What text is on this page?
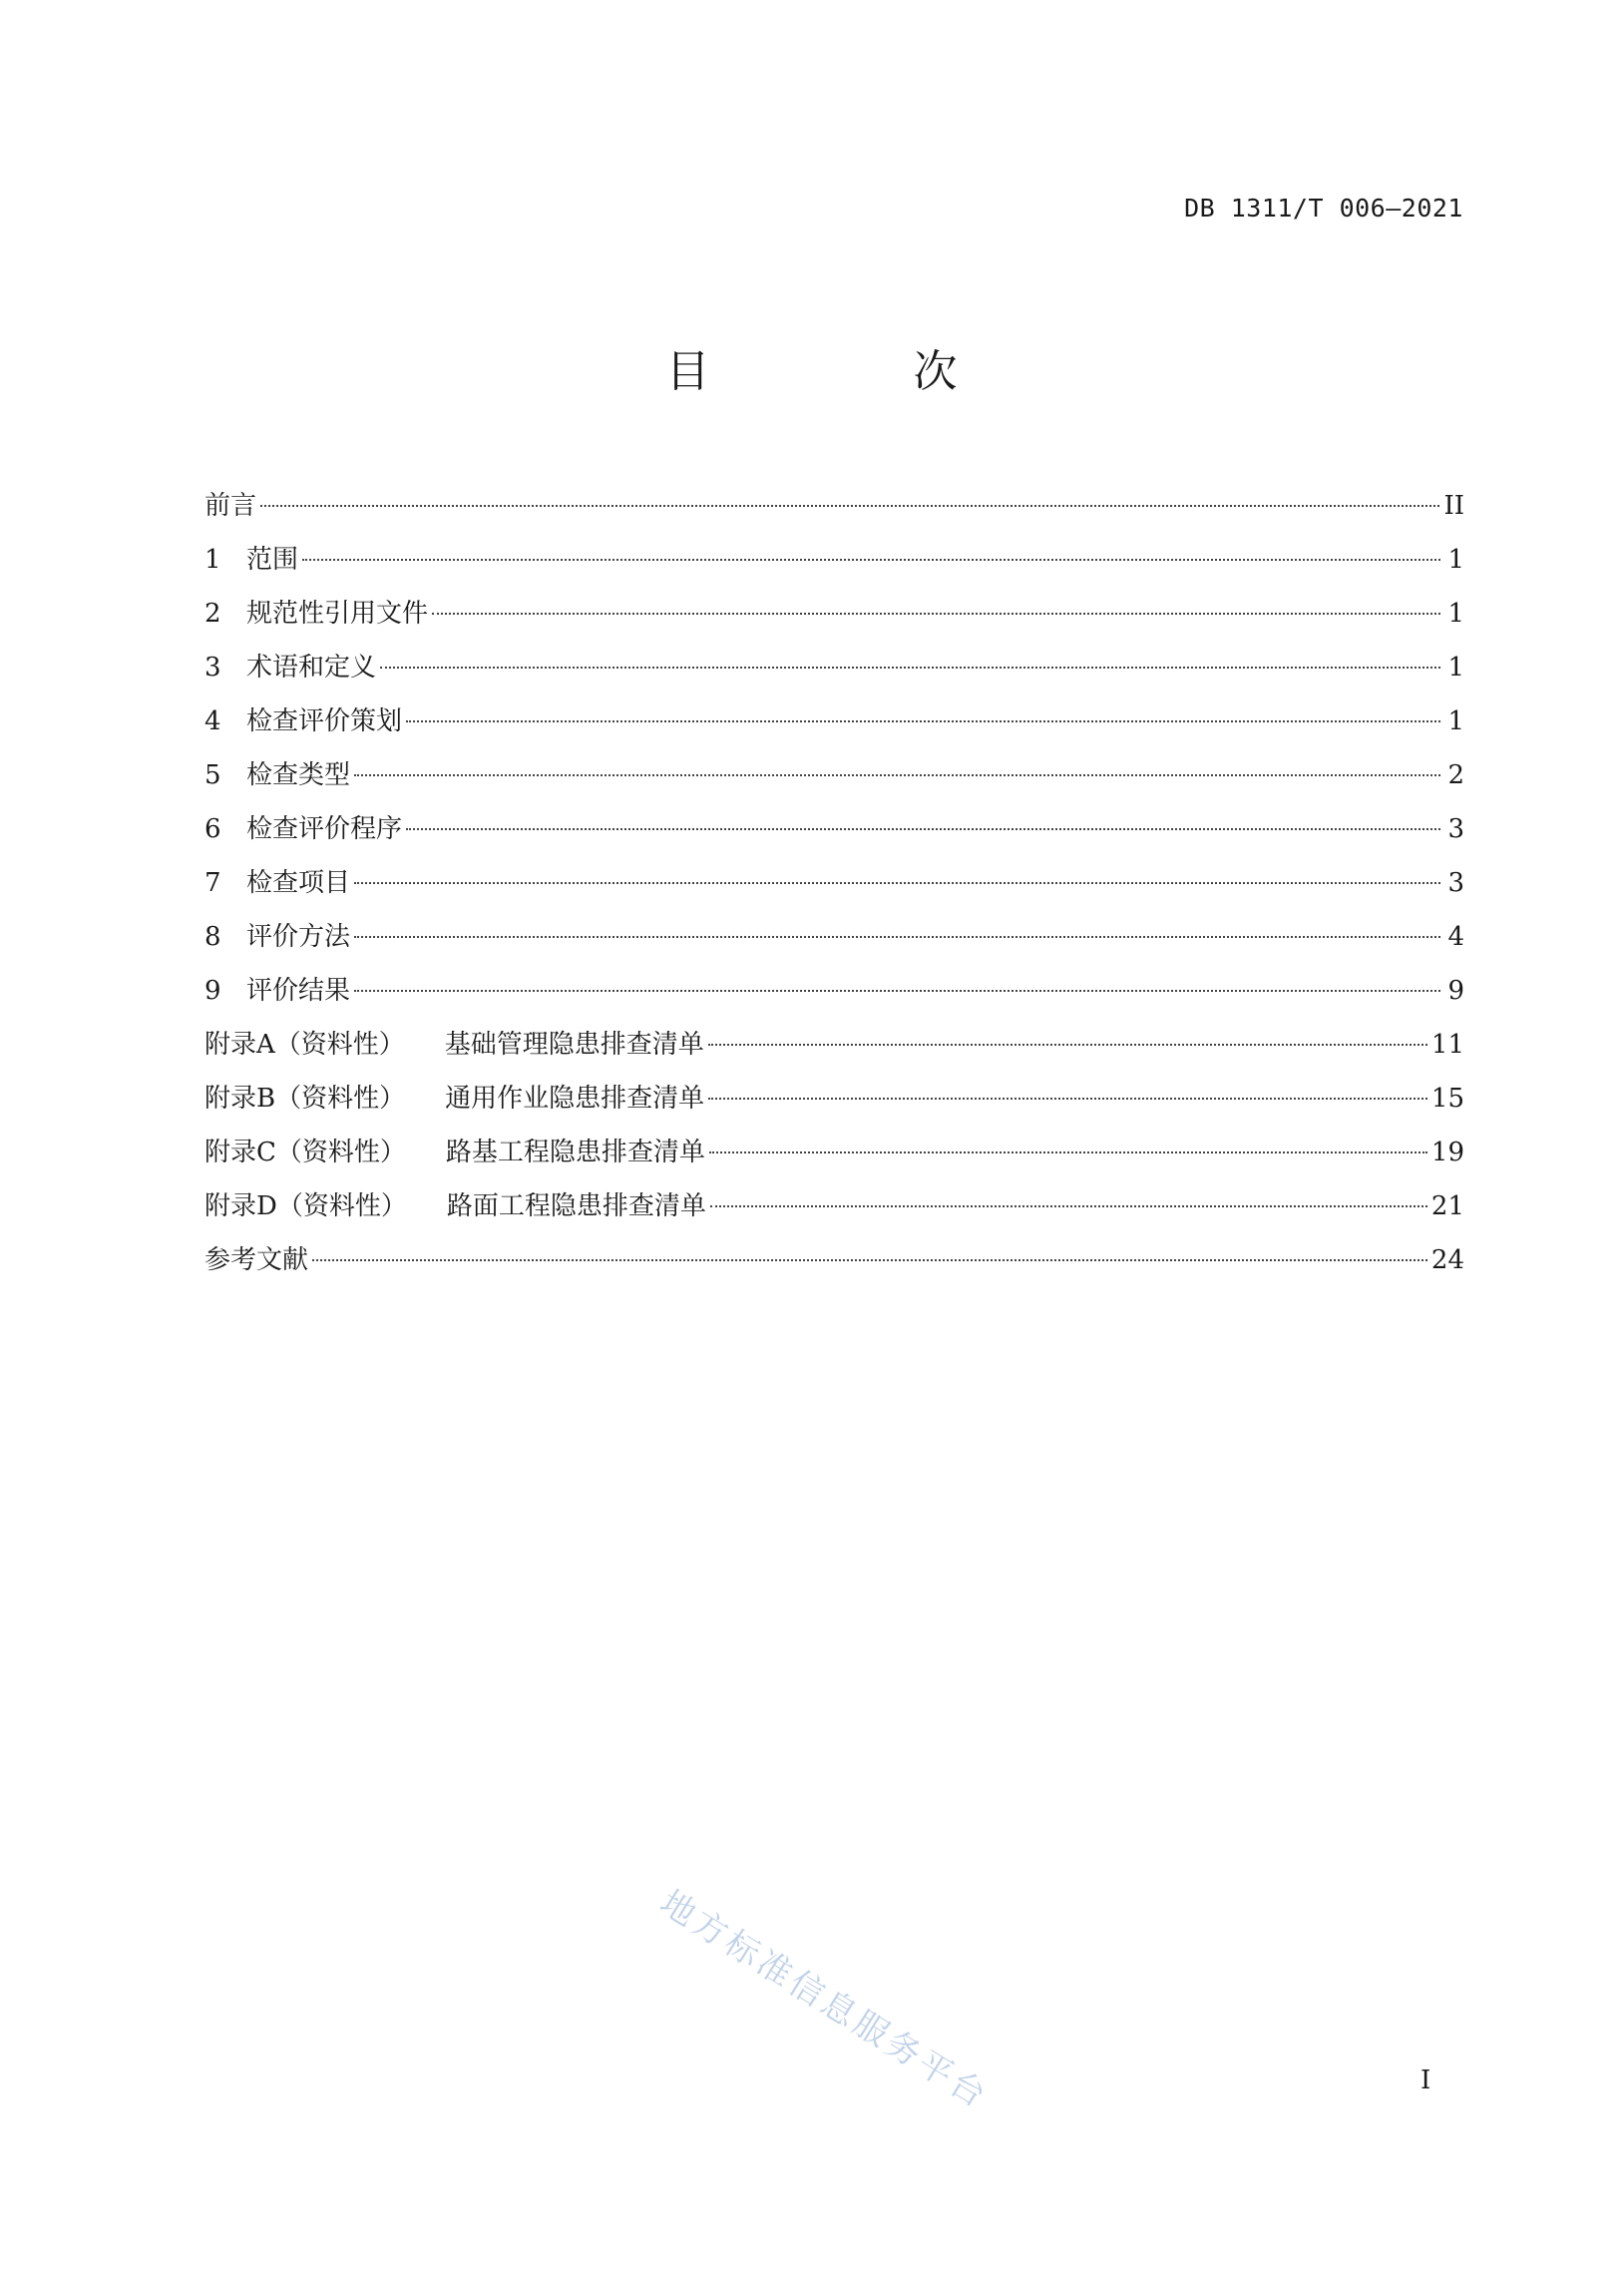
DB 1311/T 006—2021
目　次
前言	II
1 范围	1
2 规范性引用文件	1
3 术语和定义	1
4 检查评价策划	1
5 检查类型	2
6 检查评价程序	3
7 检查项目	3
8 评价方法	4
9 评价结果	9
附录A（资料性） 基础管理隐患排查清单	11
附录B（资料性） 通用作业隐患排查清单	15
附录C（资料性） 路基工程隐患排查清单	19
附录D（资料性） 路面工程隐患排查清单	21
参考文献	24
地方标准信息服务平台	I
